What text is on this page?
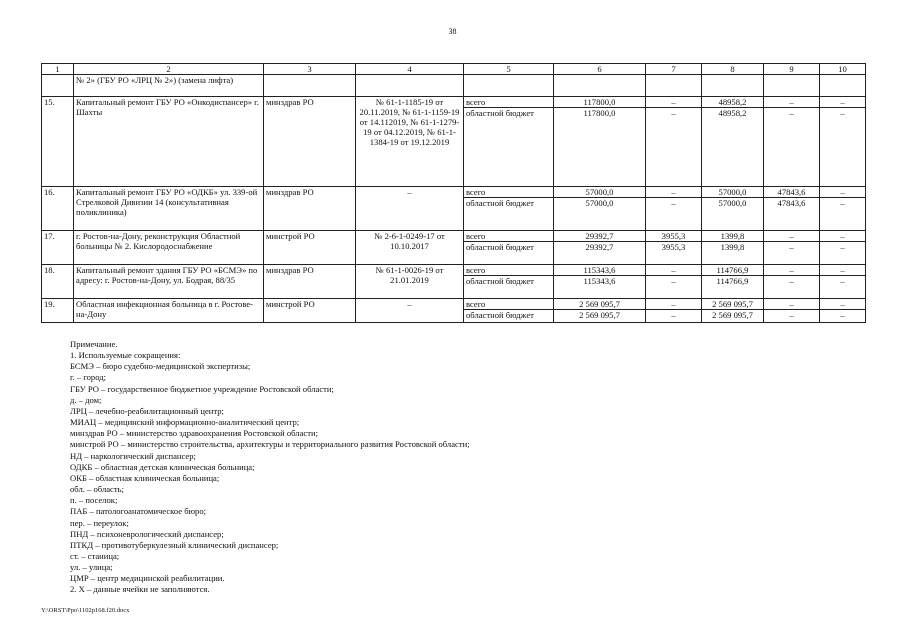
38
1	2	3	4	5	6	7	8	9	10
	№ 2» (ГБУ РО «ЛРЦ № 2») (замена лифта)								
15.	Капитальный ремонт ГБУ РО «Онкодиспансер» г. Шахты	минздрав РО	№ 61-1-1185-19 от 20.11.2019, № 61-1-1159-19 от 14.112019, № 61-1-1279-19 от 04.12.2019, № 61-1-1384-19 от 19.12.2019	всего	117800,0	–	48958,2	–	–
				областной бюджет	117800,0	–	48958,2	–	–
16.	Капитальный ремонт ГБУ РО «ОДКБ» ул. 339-ой Стрелковой Дивизии 14 (консультативная поликлиника)	минздрав РО	–	всего	57000,0	–	57000,0	47843,6	–
				областной бюджет	57000,0	–	57000,0	47843,6	–
17.	г. Ростов-на-Дону, реконструкция Областной больницы № 2. Кислородоснабжение	минстрой РО	№ 2-6-1-0249-17 от 10.10.2017	всего	29392,7	3955,3	1399,8	–	–
				областной бюджет	29392,7	3955,3	1399,8	–	–
18.	Капитальный ремонт здания ГБУ РО «БСМЭ» по адресу: г. Ростов-на-Дону, ул. Бодрая, 88/35	минздрав РО	№ 61-1-0026-19 от 21.01.2019	всего	115343,6	–	114766,9	–	–
				областной бюджет	115343,6	–	114766,9	–	–
19.	Областная инфекционная больница в г. Ростове-на-Дону	минстрой РО	–	всего	2 569 095,7	–	2 569 095,7	–	–
				областной бюджет	2 569 095,7	–	2 569 095,7	–	–
Примечание.
1. Используемые сокращения:
БСМЭ – бюро судебно-медицинской экспертизы;
г. – город;
ГБУ РО – государственное бюджетное учреждение Ростовской области;
д. – дом;
ЛРЦ – лечебно-реабилитационный центр;
МИАЦ – медицинский информационно-аналитический центр;
минздрав РО – министерство здравоохранения Ростовской области;
минстрой РО – министерство строительства, архитектуры и территориального развития Ростовской области;
НД – наркологический диспансер;
ОДКБ – областная детская клиническая больница;
ОКБ – областная клиническая больница;
обл. – область;
п. – поселок;
ПАБ – патологоанатомическое бюро;
пер. – переулок;
ПНД – психоневрологический диспансер;
ПТКД – противотуберкулезный клинический диспансер;
ст. – станица;
ул. – улица;
ЦМР – центр медицинской реабилитации.
2. Х – данные ячейки не заполняются.
Y:\ORST\Ppo\1102p168.f20.docx
